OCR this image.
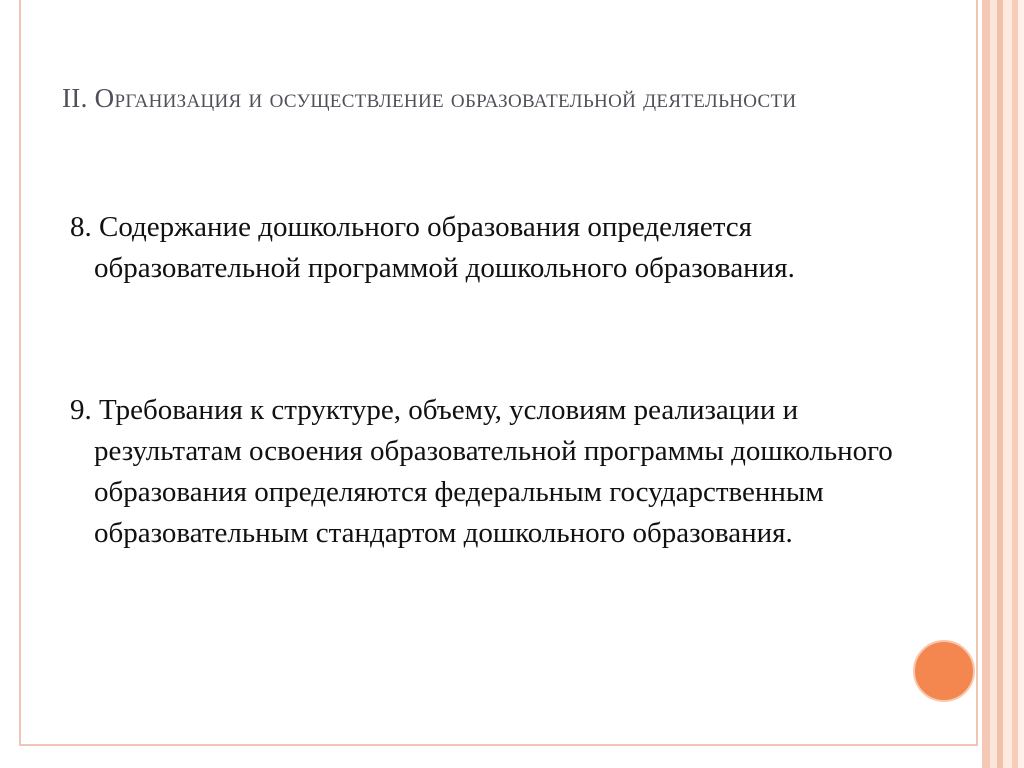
II. Организация и осуществление образовательной деятельности
8. Содержание дошкольного образования определяется образовательной программой дошкольного образования.
9. Требования к структуре, объему, условиям реализации и результатам освоения образовательной программы дошкольного образования определяются федеральным государственным образовательным стандартом дошкольного образования.
